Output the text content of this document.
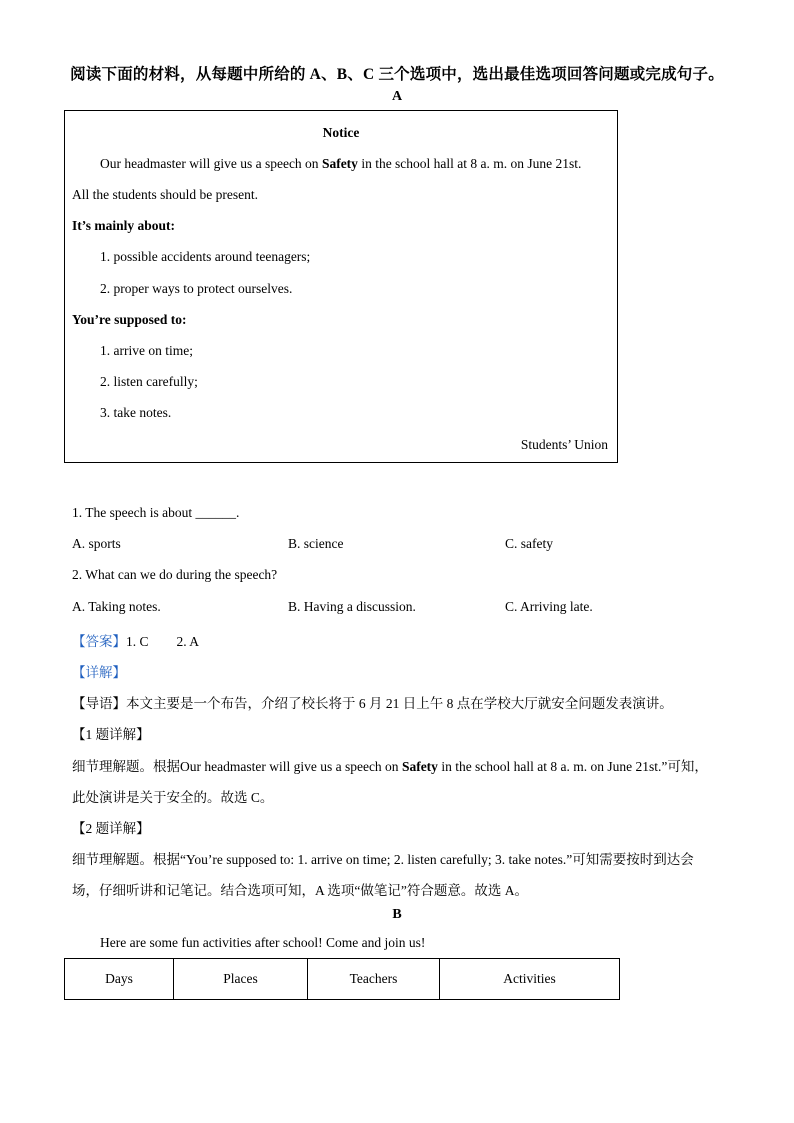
阅读下面的材料，从每题中所给的 A、B、C 三个选项中，选出最佳选项回答问题或完成句子。
A
Notice
Our headmaster will give us a speech on Safety in the school hall at 8 a. m. on June 21st.
All the students should be present.
It’s mainly about:
1. possible accidents around teenagers;
2. proper ways to protect ourselves.
You’re supposed to:
1. arrive on time;
2. listen carefully;
3. take notes.
Students’ Union
1. The speech is about ______.
A. sports	B. science	C. safety
2. What can we do during the speech?
A. Taking notes.	B. Having a discussion.	C. Arriving late.
【答案】1. C 2. A
【详解】
【导语】本文主要是一个布告，介绍了校长将于 6 月 21 日上午 8 点在学校大厅就安全问题发表演讲。
【1 题详解】
细节理解题。根据Our headmaster will give us a speech on Safety in the school hall at 8 a. m. on June 21st.”可知，
此处演讲是关于安全的。故选 C。
【2 题详解】
细节理解题。根据“You’re supposed to: 1. arrive on time; 2. listen carefully; 3. take notes.”可知需要按时到达会
场，仔细听讲和记笔记。结合选项可知，A 选项“做笔记”符合题意。故选 A。
B
Here are some fun activities after school! Come and join us!
Days	Places	Teachers	Activities
